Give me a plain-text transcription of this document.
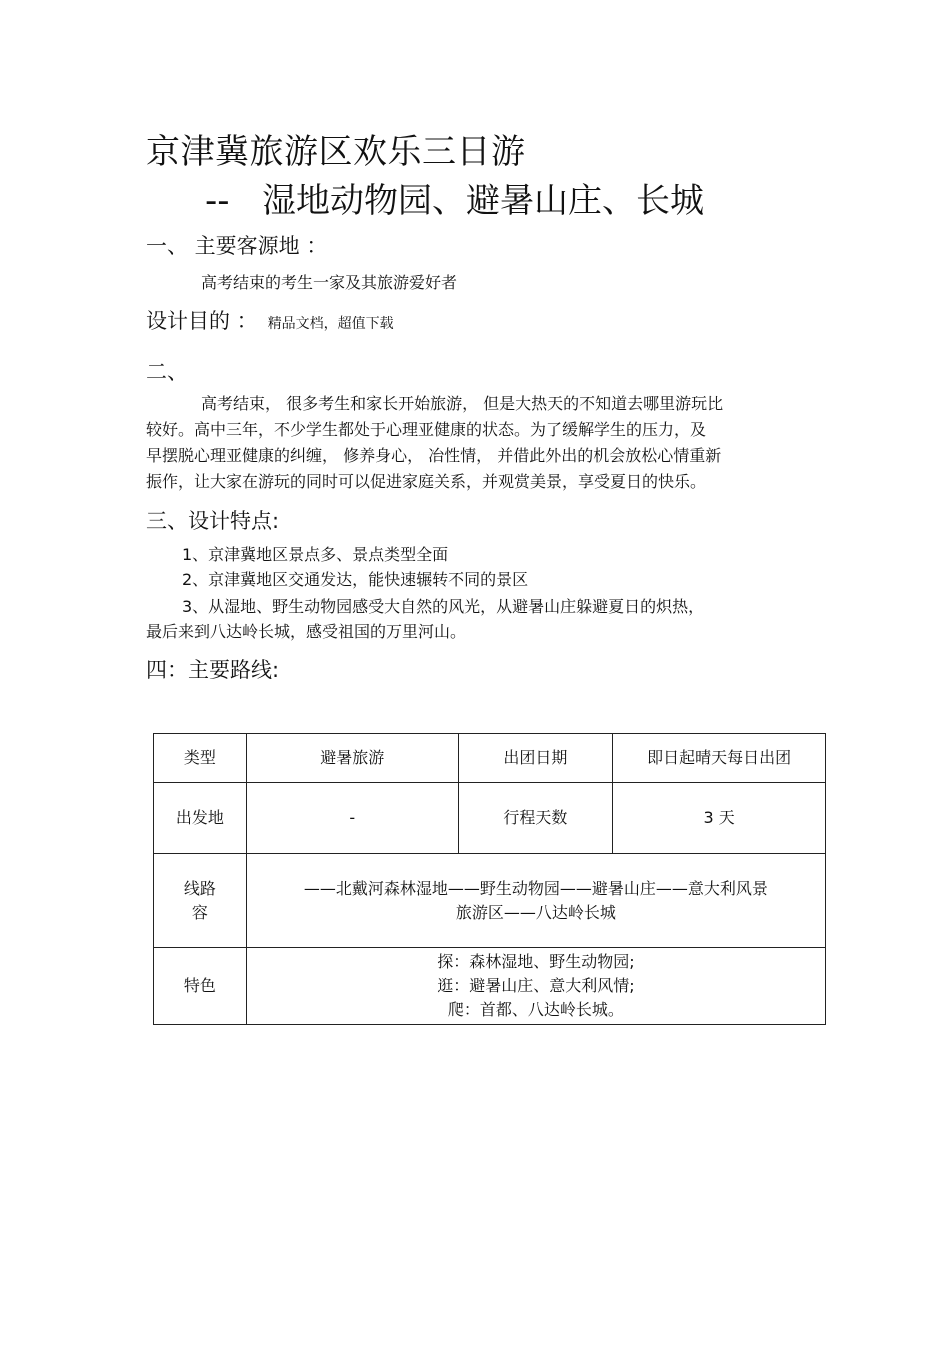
京津冀旅游区欢乐三日游
-- 湿地动物园、避暑山庄、长城
一、 主要客源地 ：
高考结束的考生一家及其旅游爱好者
设计目的 ： 精品文档，超值下载
二、
高考结束， 很多考生和家长开始旅游， 但是大热天的不知道去哪里游玩比
较好。高中三年，不少学生都处于心理亚健康的状态。为了缓解学生的压力，及
早摆脱心理亚健康的纠缠， 修养身心， 冶性情， 并借此外出的机会放松心情重新
振作，让大家在游玩的同时可以促进家庭关系，并观赏美景，享受夏日的快乐。
三、设计特点:
1、京津冀地区景点多、景点类型全面
2、京津冀地区交通发达，能快速辗转不同的景区
3、从湿地、野生动物园感受大自然的风光，从避暑山庄躲避夏日的炽热，
最后来到八达岭长城，感受祖国的万里河山。
四：主要路线:
类型	避暑旅游	出团日期	即日起晴天每日出团
出发地	-	行程天数	3 天
线路
容	——北戴河森林湿地——野生动物园——避暑山庄——意大利风景
旅游区——八达岭长城		
特色	探：森林湿地、野生动物园;
逛：避暑山庄、意大利风情;
爬：首都、八达岭长城。		
